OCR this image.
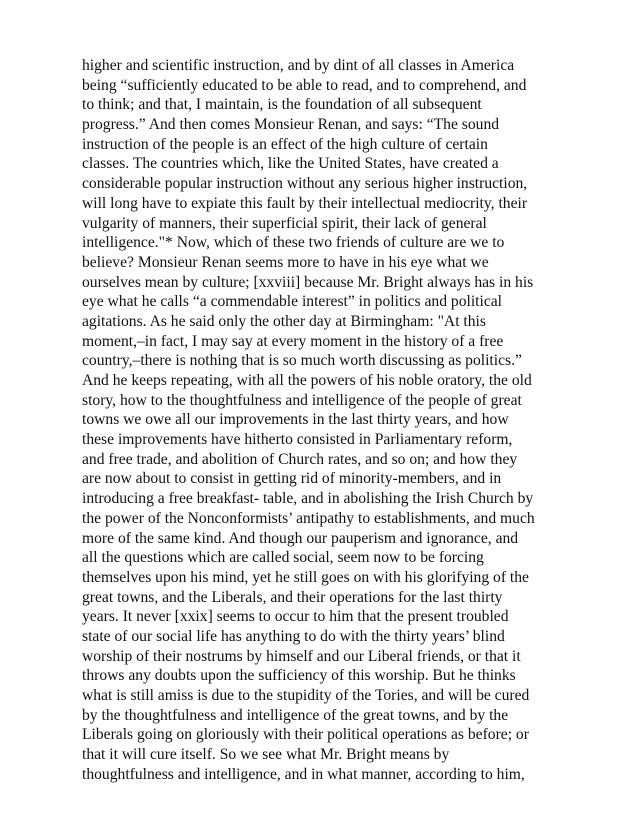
higher and scientific instruction, and by dint of all classes in America
being “sufficiently educated to be able to read, and to comprehend, and
to think; and that, I maintain, is the foundation of all subsequent
progress.” And then comes Monsieur Renan, and says: “The sound
instruction of the people is an effect of the high culture of certain
classes. The countries which, like the United States, have created a
considerable popular instruction without any serious higher instruction,
will long have to expiate this fault by their intellectual mediocrity, their
vulgarity of manners, their superficial spirit, their lack of general
intelligence."* Now, which of these two friends of culture are we to
believe? Monsieur Renan seems more to have in his eye what we
ourselves mean by culture; [xxviii] because Mr. Bright always has in his
eye what he calls “a commendable interest” in politics and political
agitations. As he said only the other day at Birmingham: "At this
moment,–in fact, I may say at every moment in the history of a free
country,–there is nothing that is so much worth discussing as politics.”
And he keeps repeating, with all the powers of his noble oratory, the old
story, how to the thoughtfulness and intelligence of the people of great
towns we owe all our improvements in the last thirty years, and how
these improvements have hitherto consisted in Parliamentary reform,
and free trade, and abolition of Church rates, and so on; and how they
are now about to consist in getting rid of minority-members, and in
introducing a free breakfast- table, and in abolishing the Irish Church by
the power of the Nonconformists’ antipathy to establishments, and much
more of the same kind. And though our pauperism and ignorance, and
all the questions which are called social, seem now to be forcing
themselves upon his mind, yet he still goes on with his glorifying of the
great towns, and the Liberals, and their operations for the last thirty
years. It never [xxix] seems to occur to him that the present troubled
state of our social life has anything to do with the thirty years’ blind
worship of their nostrums by himself and our Liberal friends, or that it
throws any doubts upon the sufficiency of this worship. But he thinks
what is still amiss is due to the stupidity of the Tories, and will be cured
by the thoughtfulness and intelligence of the great towns, and by the
Liberals going on gloriously with their political operations as before; or
that it will cure itself. So we see what Mr. Bright means by
thoughtfulness and intelligence, and in what manner, according to him,
